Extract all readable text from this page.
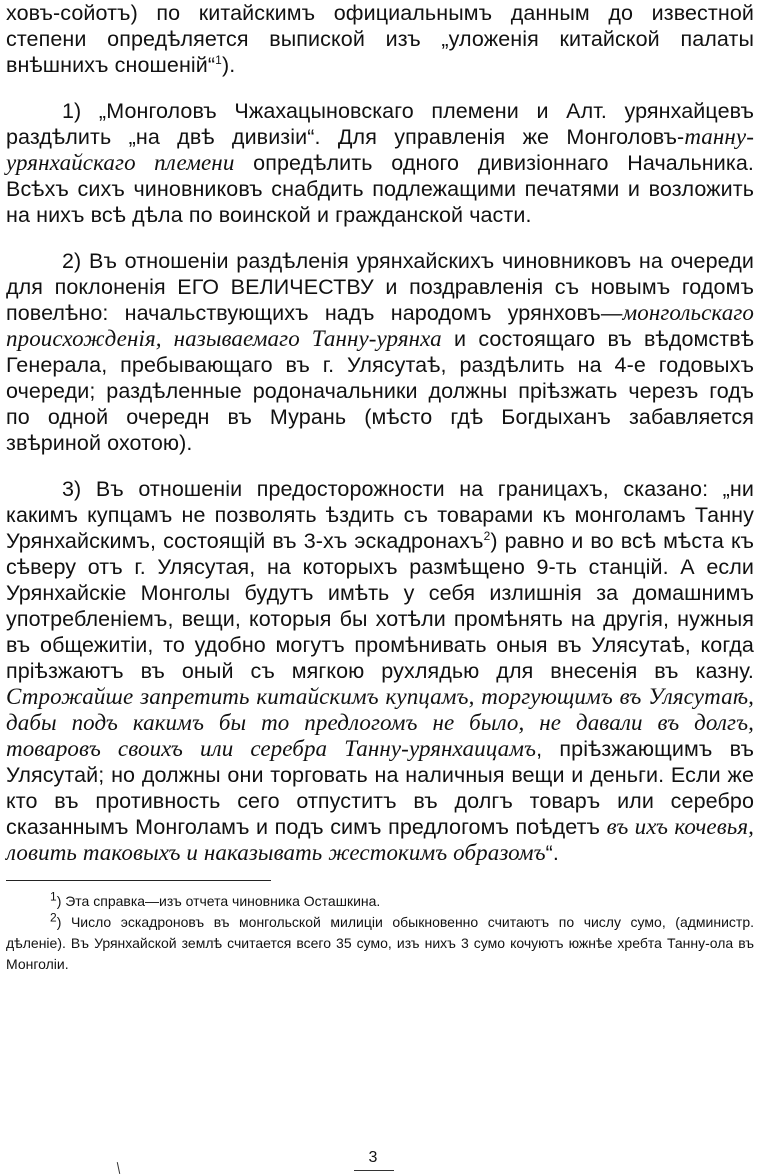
ховъ-сойотъ) по китайскимъ официальнымъ данным до известной степени опредѣляется выпиской изъ „уложенія китайской палаты внѣшнихъ сношеній“$^1$).

1) „Монголовъ Чжахацыновскаго племени и Алт. урянхайцевъ раздѣлить „на двѣ дивизіи“. Для управленія же Монголовъ-танну-урянхайскаго племени опредѣлить одного дивизіоннаго Начальника. Всѣхъ сихъ чиновниковъ снабдить подлежащими печатями и возложить на нихъ всѣ дѣла по воинской и гражданской части.

2) Въ отношеніи раздѣленія урянхайскихъ чиновниковъ на очереди для поклоненія ЕГО ВЕЛИЧЕСТВУ и поздравленія съ новымъ годомъ повелѣно: начальствующихъ надъ народомъ урянховъ—монгольскаго происхожденія, называемаго Танну-урянха и состоящаго въ вѣдомствѣ Генерала, пребывающаго въ г. Улясутаѣ, раздѣлить на 4-е годовыхъ очереди; раздѣленные родоначальники должны пріѣзжать черезъ годъ по одной очередн въ Мурань (мѣсто гдѣ Богдыханъ забавляется звѣриной охотою).

3) Въ отношеніи предосторожности на границахъ, сказано: „ни какимъ купцамъ не позволять ѣздить съ товарами къ монголамъ Танну Урянхайскимъ, состоящій въ 3-хъ эскадронахъ$^2$) равно и во всѣ мѣста къ сѣверу отъ г. Улясутая, на которыхъ размѣщено 9-ть станцій. А если Урянхайскіе Монголы будутъ имѣть у себя излишнія за домашнимъ употребленіемъ, вещи, которыя бы хотѣли промѣнять на другія, нужныя въ общежитіи, то удобно могутъ промѣнивать оныя въ Улясутаѣ, когда пріѣзжаютъ въ оный съ мягкою рухлядью для внесенія въ казну. Строжайше запретить китайскимъ купцамъ, торгующимъ въ Улясутаѣ, дабы подъ какимъ бы то предлогомъ не было, не давали въ долгъ, товаровъ своихъ или серебра Танну-урянхаицамъ, пріѣзжающимъ въ Улясутай; но должны они торговать на наличныя вещи и деньги. Если же кто въ противность сего отпуститъ въ долгъ товаръ или серебро сказаннымъ Монголамъ и подъ симъ предлогомъ поѣдетъ въ ихъ кочевья, ловить таковыхъ и наказывать жестокимъ образомъ“.

$^1$) Эта справка—изъ отчета чиновника Осташкина.

$^2$) Число эскадроновъ въ монгольской милиціи обыкновенно считаютъ по числу сумо, (администр. дѣленіе). Въ Урянхайской землѣ считается всего 35 сумо, изъ нихъ 3 сумо кочуютъ южнѣе хребта Танну-ола въ Монголіи.

3
